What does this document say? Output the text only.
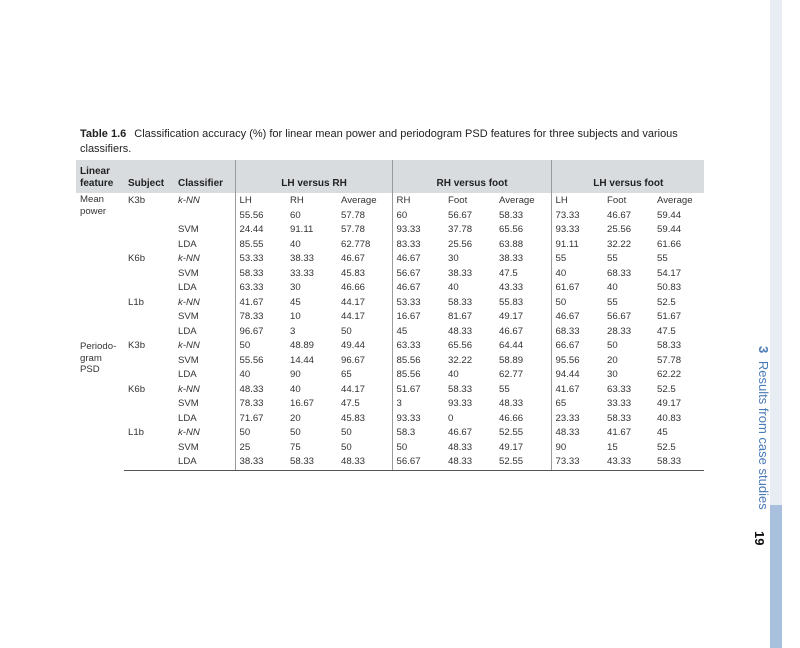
Table 1.6 Classification accuracy (%) for linear mean power and periodogram PSD features for three subjects and various classifiers.
Linear
feature	Subject	Classifier	LH versus RH			RH versus foot			LH versus foot		
Mean power	K3b	k-NN	LH	RH	Average	RH	Foot	Average	LH	Foot	Average
			55.56	60	57.78	60	56.67	58.33	73.33	46.67	59.44
		SVM	24.44	91.11	57.78	93.33	37.78	65.56	93.33	25.56	59.44
		LDA	85.55	40	62.778	83.33	25.56	63.88	91.11	32.22	61.66
	K6b	k-NN	53.33	38.33	46.67	46.67	30	38.33	55	55	55
		SVM	58.33	33.33	45.83	56.67	38.33	47.5	40	68.33	54.17
		LDA	63.33	30	46.66	46.67	40	43.33	61.67	40	50.83
	L1b	k-NN	41.67	45	44.17	53.33	58.33	55.83	50	55	52.5
		SVM	78.33	10	44.17	16.67	81.67	49.17	46.67	56.67	51.67
		LDA	96.67	3	50	45	48.33	46.67	68.33	28.33	47.5
Periodo-gram PSD	K3b	k-NN	50	48.89	49.44	63.33	65.56	64.44	66.67	50	58.33
		SVM	55.56	14.44	96.67	85.56	32.22	58.89	95.56	20	57.78
		LDA	40	90	65	85.56	40	62.77	94.44	30	62.22
	K6b	k-NN	48.33	40	44.17	51.67	58.33	55	41.67	63.33	52.5
		SVM	78.33	16.67	47.5	3	93.33	48.33	65	33.33	49.17
		LDA	71.67	20	45.83	93.33	0	46.66	23.33	58.33	40.83
	L1b	k-NN	50	50	50	58.3	46.67	52.55	48.33	41.67	45
		SVM	25	75	50	50	48.33	49.17	90	15	52.5
		LDA	38.33	58.33	48.33	56.67	48.33	52.55	73.33	43.33	58.33
3 Results from case studies
19
